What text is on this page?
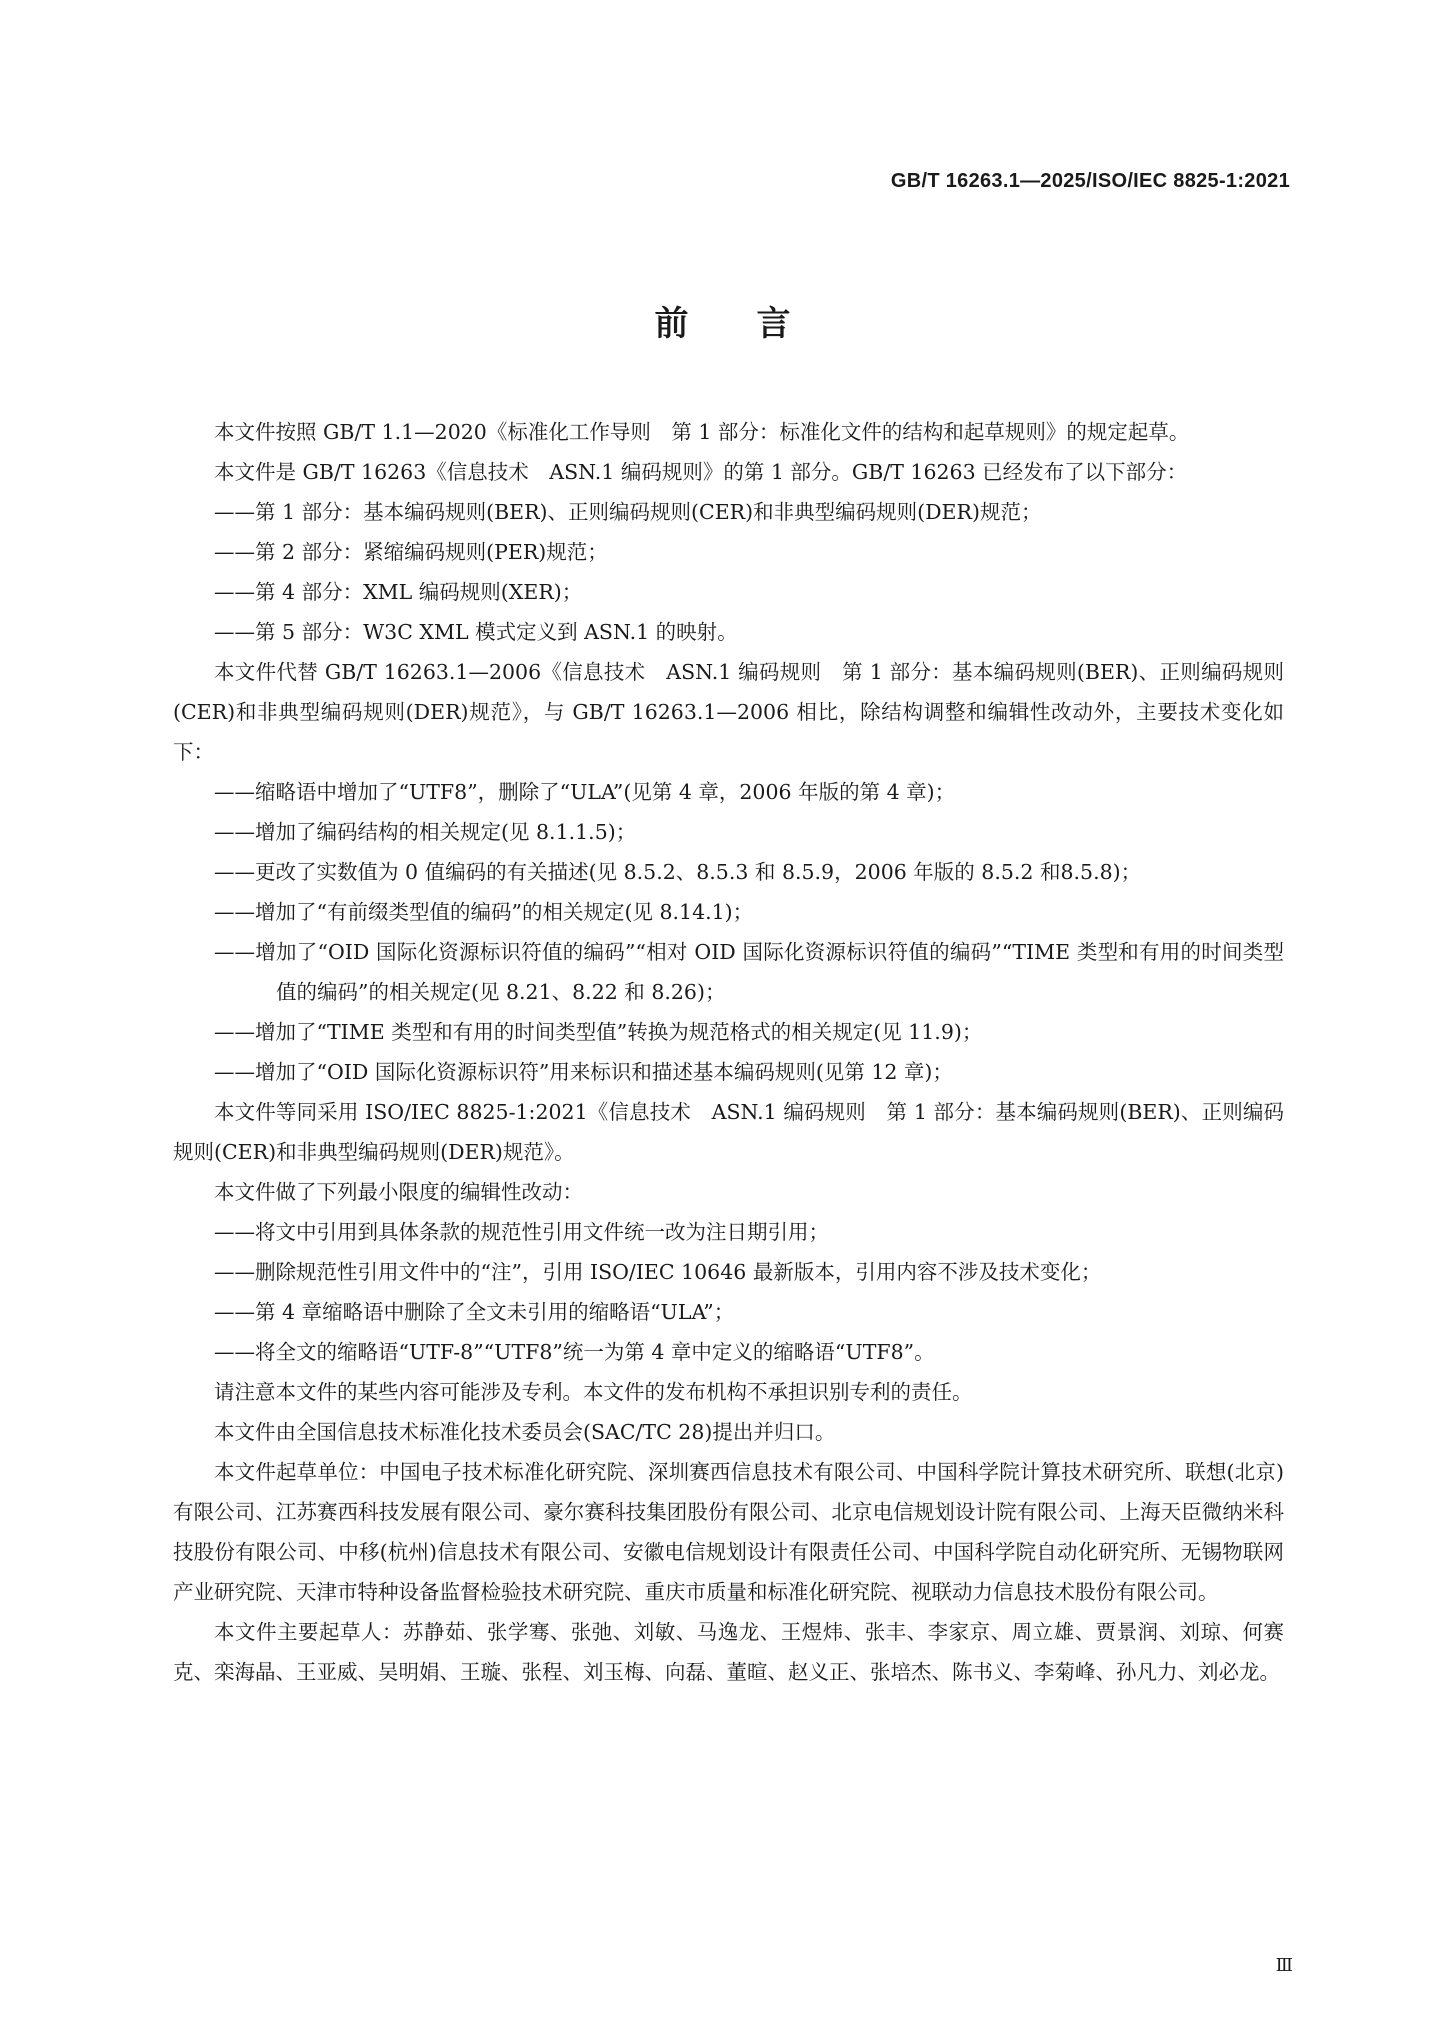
GB/T 16263.1—2025/ISO/IEC 8825-1:2021
前言

本文件按照 GB/T 1.1—2020《标准化工作导则　第 1 部分：标准化文件的结构和起草规则》的规定起草。

本文件是 GB/T 16263《信息技术　ASN.1 编码规则》的第 1 部分。GB/T 16263 已经发布了以下部分：

——第 1 部分：基本编码规则(BER)、正则编码规则(CER)和非典型编码规则(DER)规范；

——第 2 部分：紧缩编码规则(PER)规范；

——第 4 部分：XML 编码规则(XER)；

——第 5 部分：W3C XML 模式定义到 ASN.1 的映射。

本文件代替 GB/T 16263.1—2006《信息技术　ASN.1 编码规则　第 1 部分：基本编码规则(BER)、正则编码规则(CER)和非典型编码规则(DER)规范》，与 GB/T 16263.1—2006 相比，除结构调整和编辑性改动外，主要技术变化如下：

——缩略语中增加了“UTF8”，删除了“ULA”(见第 4 章，2006 年版的第 4 章)；

——增加了编码结构的相关规定(见 8.1.1.5)；

——更改了实数值为 0 值编码的有关描述(见 8.5.2、8.5.3 和 8.5.9，2006 年版的 8.5.2 和8.5.8)；

——增加了“有前缀类型值的编码”的相关规定(见 8.14.1)；

——增加了“OID 国际化资源标识符值的编码”“相对 OID 国际化资源标识符值的编码”“TIME 类型和有用的时间类型值的编码”的相关规定(见 8.21、8.22 和 8.26)；

——增加了“TIME 类型和有用的时间类型值”转换为规范格式的相关规定(见 11.9)；

——增加了“OID 国际化资源标识符”用来标识和描述基本编码规则(见第 12 章)；

本文件等同采用 ISO/IEC 8825-1:2021《信息技术　ASN.1 编码规则　第 1 部分：基本编码规则(BER)、正则编码规则(CER)和非典型编码规则(DER)规范》。

本文件做了下列最小限度的编辑性改动：

——将文中引用到具体条款的规范性引用文件统一改为注日期引用；

——删除规范性引用文件中的“注”，引用 ISO/IEC 10646 最新版本，引用内容不涉及技术变化；

——第 4 章缩略语中删除了全文未引用的缩略语“ULA”；

——将全文的缩略语“UTF-8”“UTF8”统一为第 4 章中定义的缩略语“UTF8”。

请注意本文件的某些内容可能涉及专利。本文件的发布机构不承担识别专利的责任。

本文件由全国信息技术标准化技术委员会(SAC/TC 28)提出并归口。

本文件起草单位：中国电子技术标准化研究院、深圳赛西信息技术有限公司、中国科学院计算技术研究所、联想(北京)有限公司、江苏赛西科技发展有限公司、豪尔赛科技集团股份有限公司、北京电信规划设计院有限公司、上海天臣微纳米科技股份有限公司、中移(杭州)信息技术有限公司、安徽电信规划设计有限责任公司、中国科学院自动化研究所、无锡物联网产业研究院、天津市特种设备监督检验技术研究院、重庆市质量和标准化研究院、视联动力信息技术股份有限公司。

本文件主要起草人：苏静茹、张学骞、张弛、刘敏、马逸龙、王煜炜、张丰、李家京、周立雄、贾景润、刘琼、何赛克、栾海晶、王亚威、吴明娟、王璇、张程、刘玉梅、向磊、董暄、赵义正、张培杰、陈书义、李菊峰、孙凡力、刘必龙。

Ⅲ
